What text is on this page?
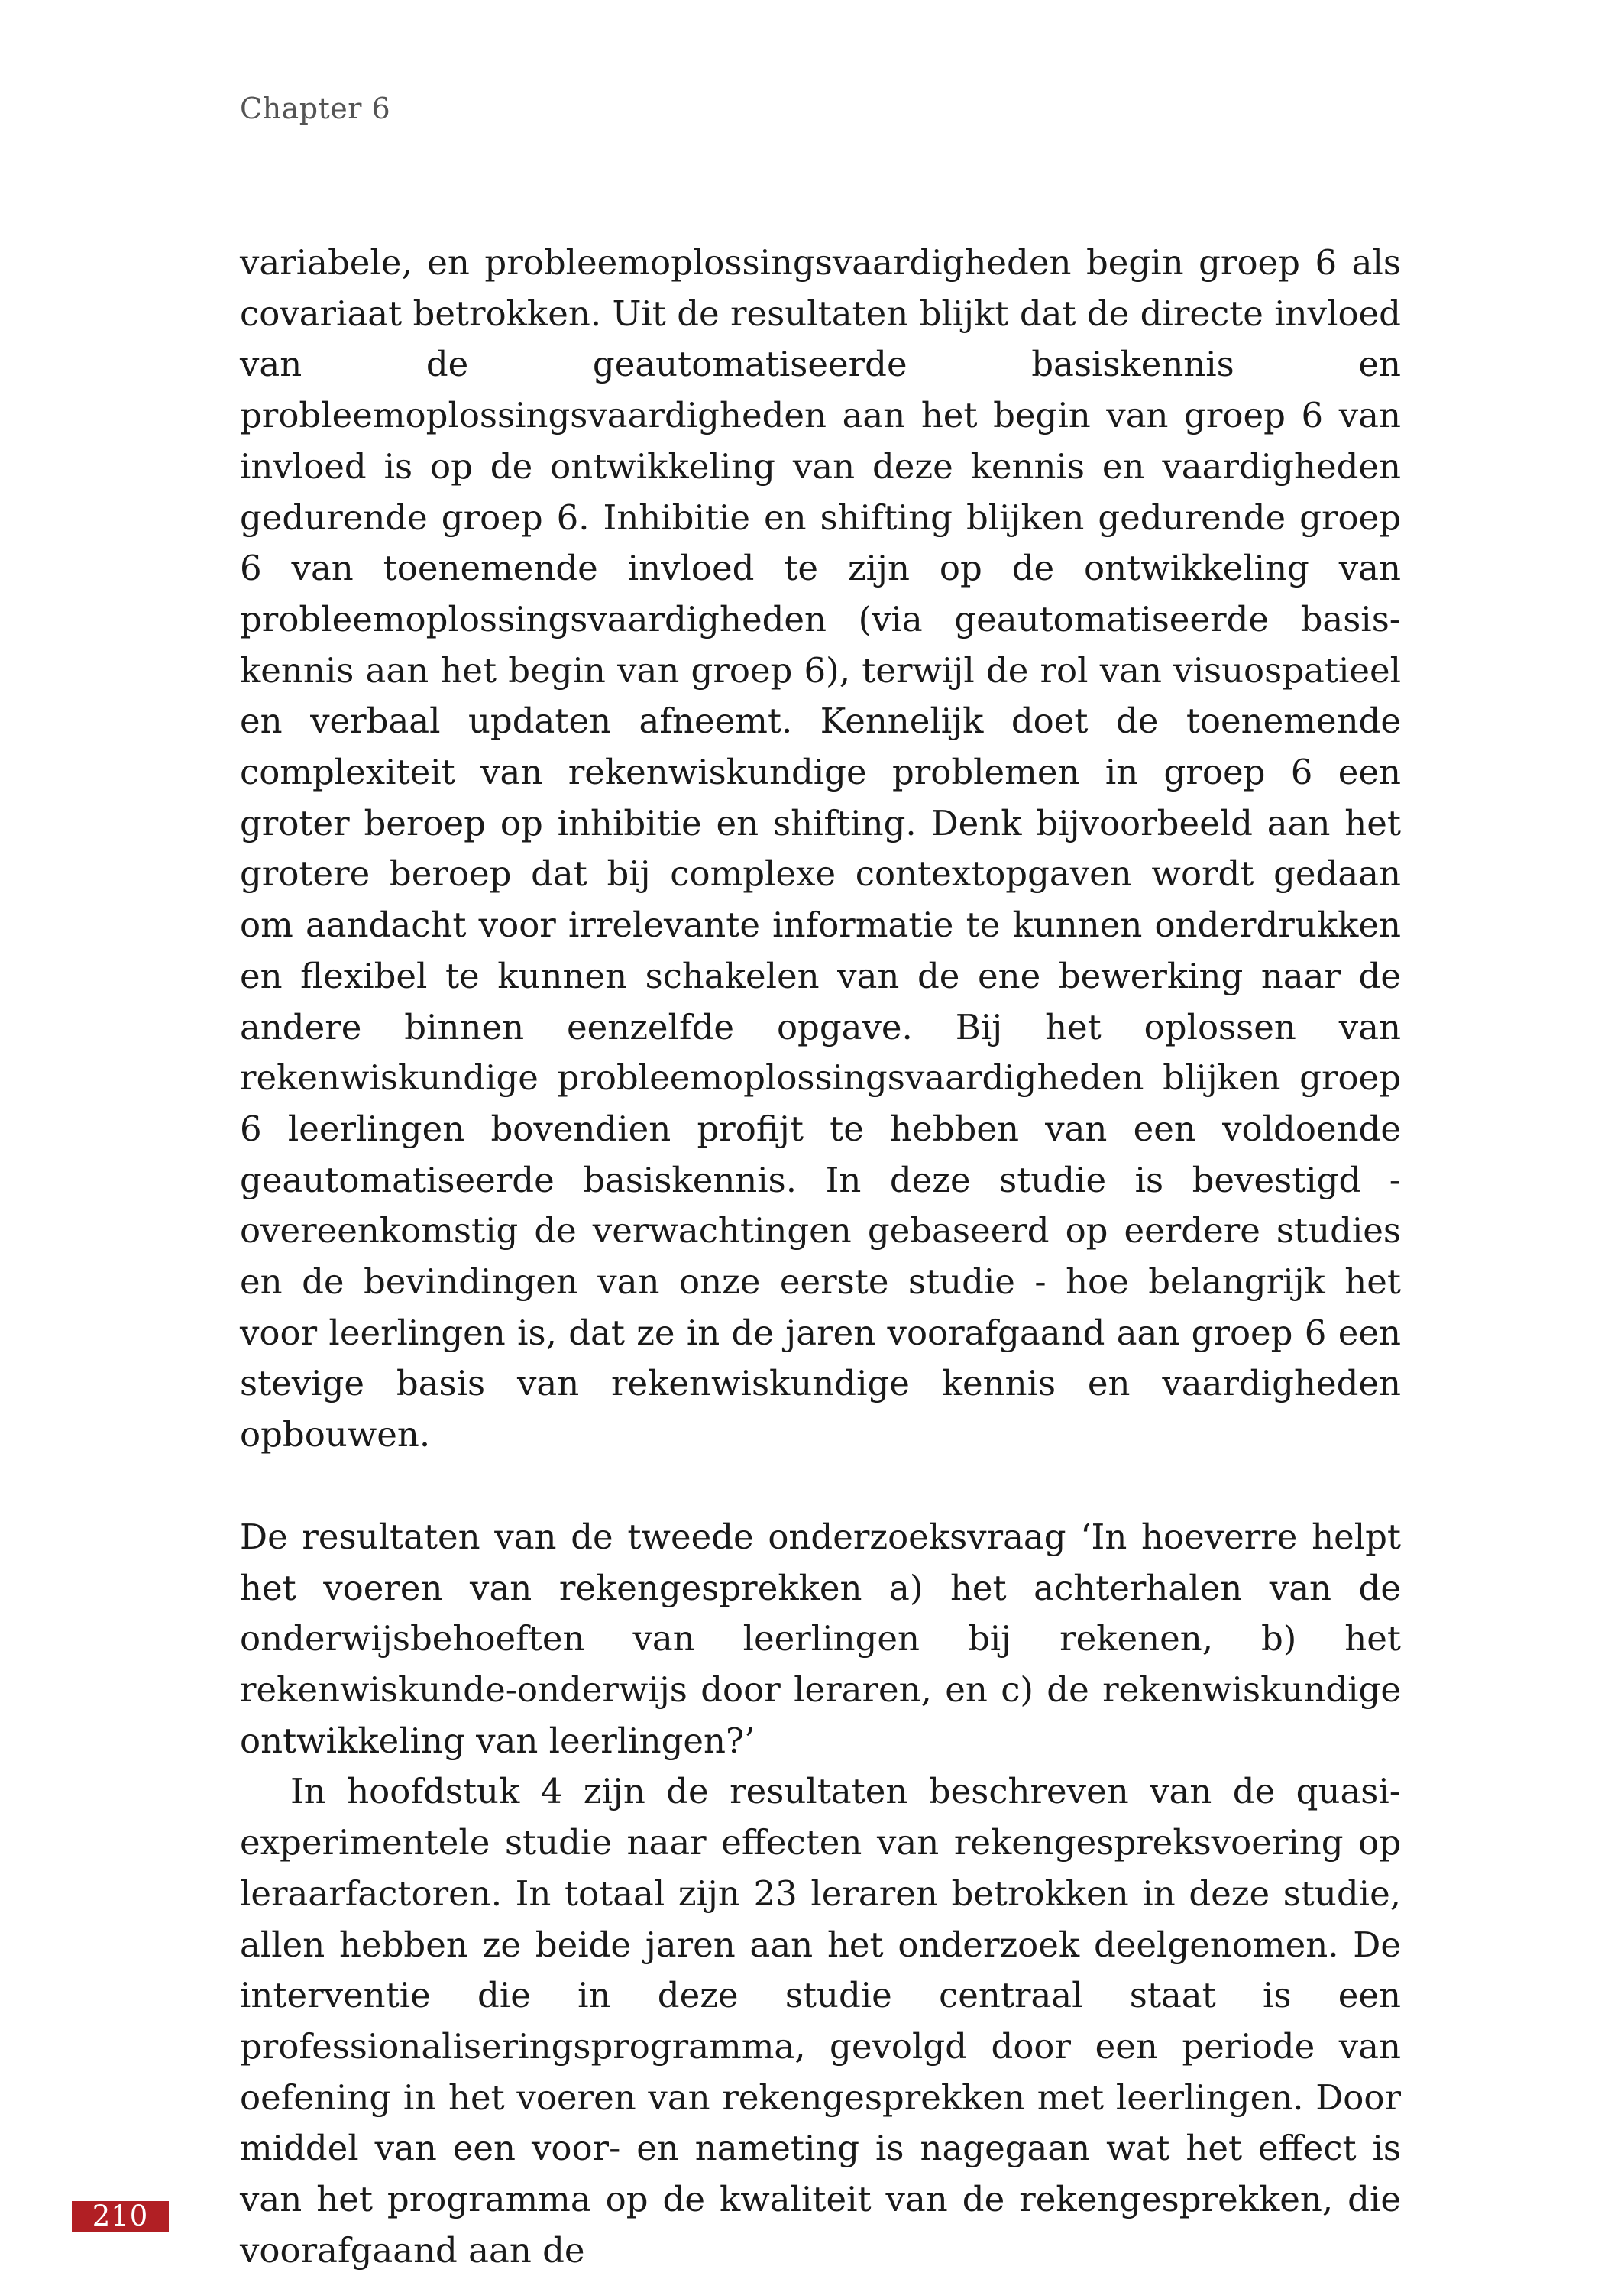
Chapter 6

variabele, en probleemoplossingsvaardigheden begin groep 6 als covariaat betrokken. Uit de resultaten blijkt dat de directe invloed van de geautomatiseerde basiskennis en probleemoplossingsvaardigheden aan het begin van groep 6 van invloed is op de ontwikkeling van deze kennis en vaardigheden gedurende groep 6. Inhibitie en shifting blijken gedurende groep 6 van toenemende invloed te zijn op de ontwikkeling van probleemoplossingsvaardigheden (via geautomatiseerde basis-kennis aan het begin van groep 6), terwijl de rol van visuospatieel en verbaal updaten afneemt. Kennelijk doet de toenemende complexiteit van rekenwiskundige problemen in groep 6 een groter beroep op inhibitie en shifting. Denk bijvoorbeeld aan het grotere beroep dat bij complexe contextopgaven wordt gedaan om aandacht voor irrelevante informatie te kunnen onderdrukken en flexibel te kunnen schakelen van de ene bewerking naar de andere binnen eenzelfde opgave. Bij het oplossen van rekenwiskundige probleemoplossingsvaardigheden blijken groep 6 leerlingen bovendien profijt te hebben van een voldoende geautomatiseerde basiskennis. In deze studie is bevestigd - overeenkomstig de verwachtingen gebaseerd op eerdere studies en de bevindingen van onze eerste studie - hoe belangrijk het voor leerlingen is, dat ze in de jaren voorafgaand aan groep 6 een stevige basis van rekenwiskundige kennis en vaardigheden opbouwen.

De resultaten van de tweede onderzoeksvraag ‘In hoeverre helpt het voeren van rekengesprekken a) het achterhalen van de onderwijsbehoeften van leerlingen bij rekenen, b) het rekenwiskunde-onderwijs door leraren, en c) de rekenwiskundige ontwikkeling van leerlingen?’

In hoofdstuk 4 zijn de resultaten beschreven van de quasi-experimentele studie naar effecten van rekengespreksvoering op leraarfactoren. In totaal zijn 23 leraren betrokken in deze studie, allen hebben ze beide jaren aan het onderzoek deelgenomen. De interventie die in deze studie centraal staat is een professionaliseringsprogramma, gevolgd door een periode van oefening in het voeren van rekengesprekken met leerlingen. Door middel van een voor- en nameting is nagegaan wat het effect is van het programma op de kwaliteit van de rekengesprekken, die voorafgaand aan de

210
